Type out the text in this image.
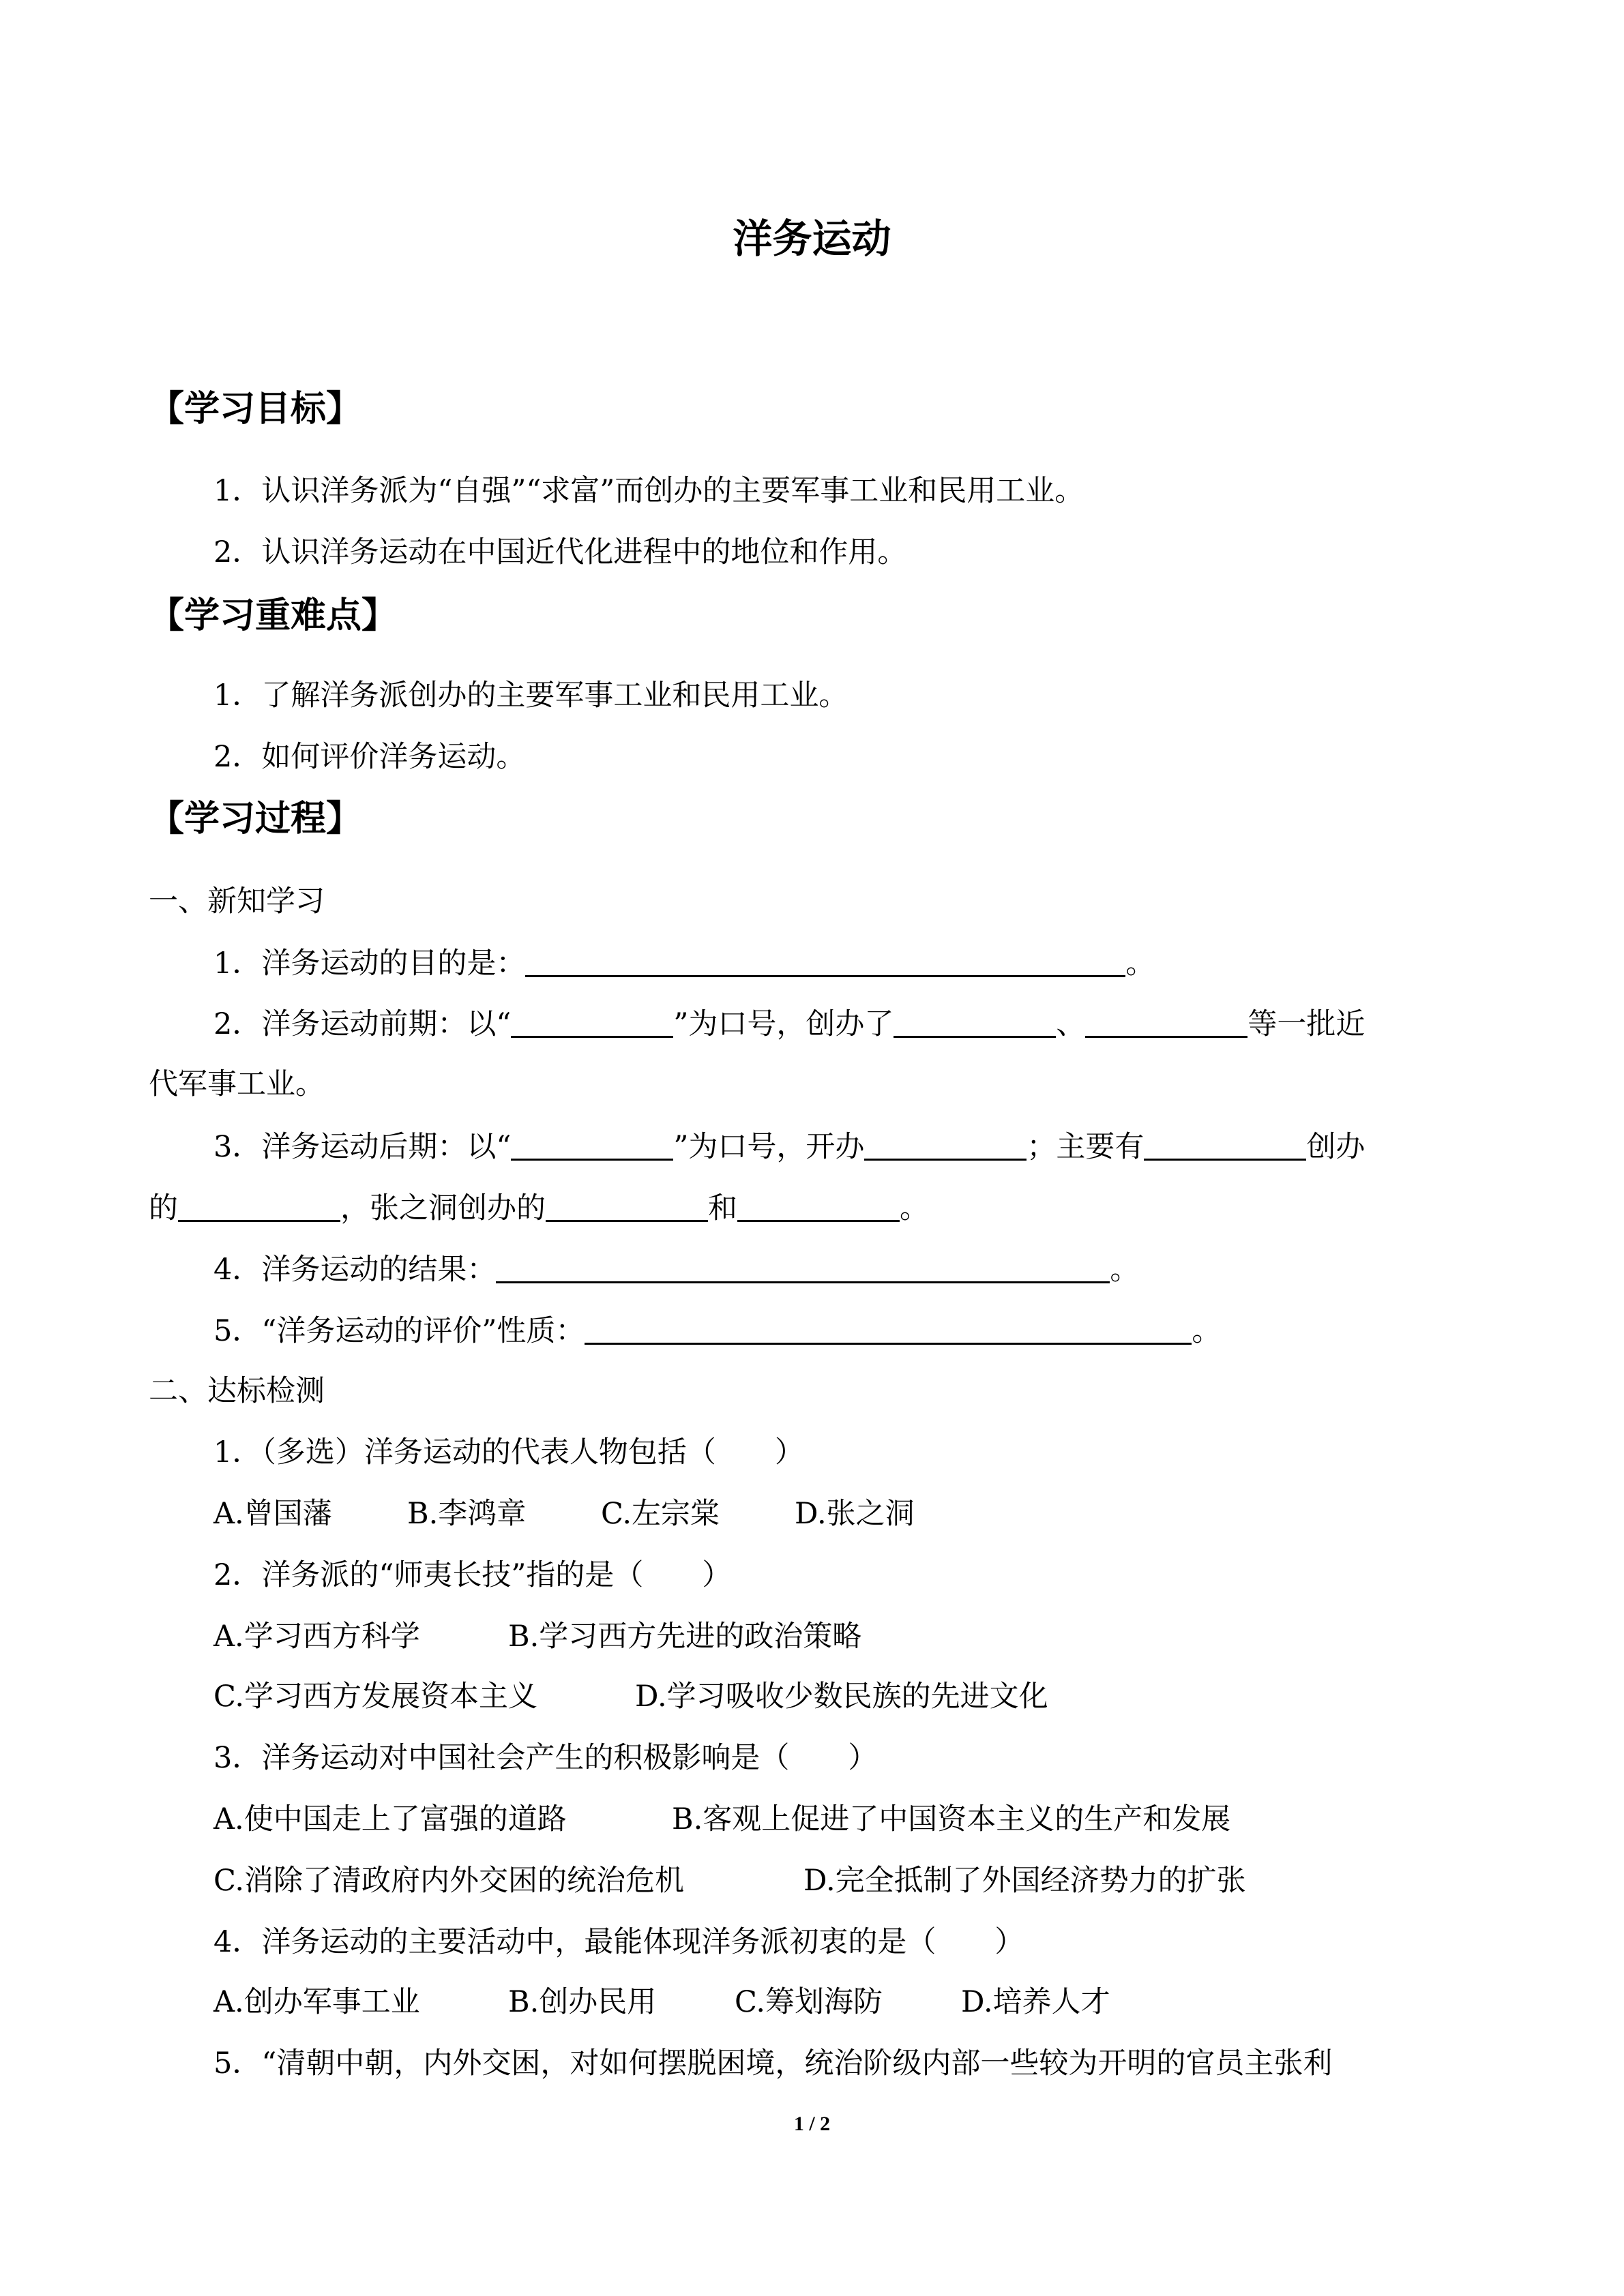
洋务运动
【学习目标】
1．认识洋务派为“自强”“求富”而创办的主要军事工业和民用工业。
2．认识洋务运动在中国近代化进程中的地位和作用。
【学习重难点】
1．了解洋务派创办的主要军事工业和民用工业。
2．如何评价洋务运动。
【学习过程】
一、新知学习
1．洋务运动的目的是：	。
2．洋务运动前期：以“	”为口号，创办了	、	等一批近
代军事工业。
3．洋务运动后期：以“	”为口号，开办	；主要有	创办
的	，张之洞创办的	和	。
4．洋务运动的结果：	。
5．“洋务运动的评价”性质：	。
二、达标检测
1．（多选）洋务运动的代表人物包括（　　）
A.曾国藩	B.李鸿章	C.左宗棠	D.张之洞
2．洋务派的“师夷长技”指的是（　　）
A.学习西方科学	B.学习西方先进的政治策略
C.学习西方发展资本主义	D.学习吸收少数民族的先进文化
3．洋务运动对中国社会产生的积极影响是（　　）
A.使中国走上了富强的道路	B.客观上促进了中国资本主义的生产和发展
C.消除了清政府内外交困的统治危机	D.完全抵制了外国经济势力的扩张
4．洋务运动的主要活动中，最能体现洋务派初衷的是（　　）
A.创办军事工业	B.创办民用	C.筹划海防	D.培养人才
5．“清朝中朝，内外交困，对如何摆脱困境，统治阶级内部一些较为开明的官员主张利
1 / 2
